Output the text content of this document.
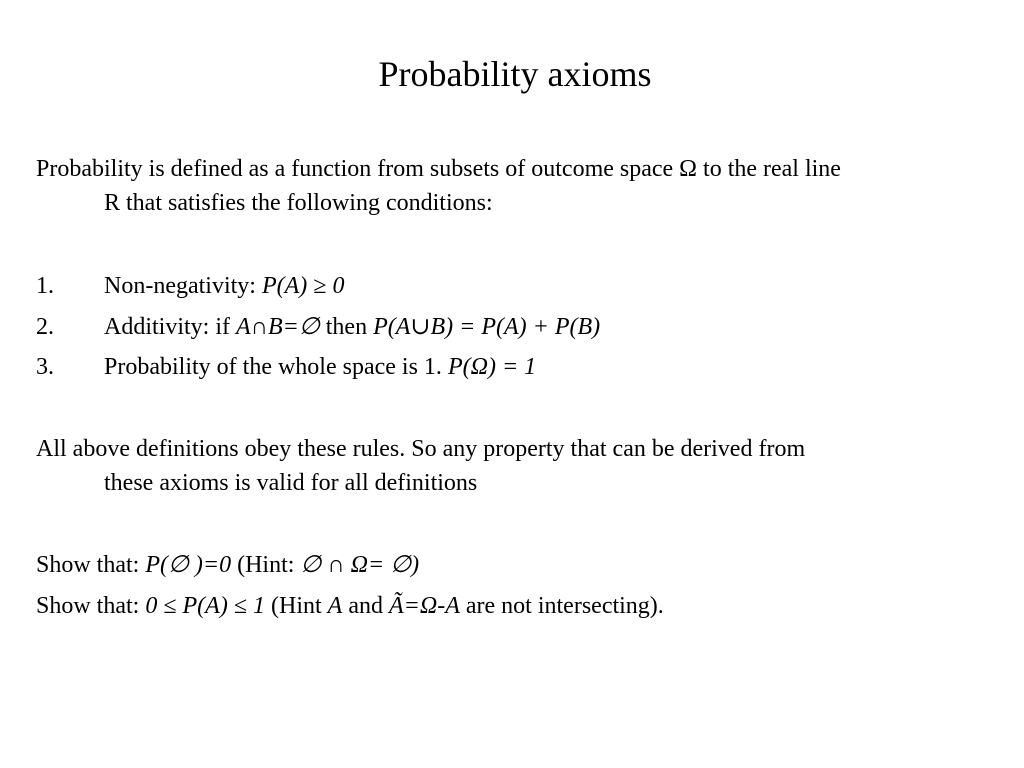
Probability axioms
Probability is defined as a function from subsets of outcome space Ω to the real line
R that satisfies the following conditions:
1. Non-negativity: P(A) ≥ 0
2. Additivity: if A∩B=∅ then P(A∪B) = P(A) + P(B)
3. Probability of the whole space is 1. P(Ω) = 1
All above definitions obey these rules. So any property that can be derived from
these axioms is valid for all definitions
Show that: P(∅ )=0 (Hint: ∅ ∩ Ω= ∅)
Show that: 0 ≤ P(A) ≤ 1 (Hint A and Ã=Ω-A are not intersecting).
